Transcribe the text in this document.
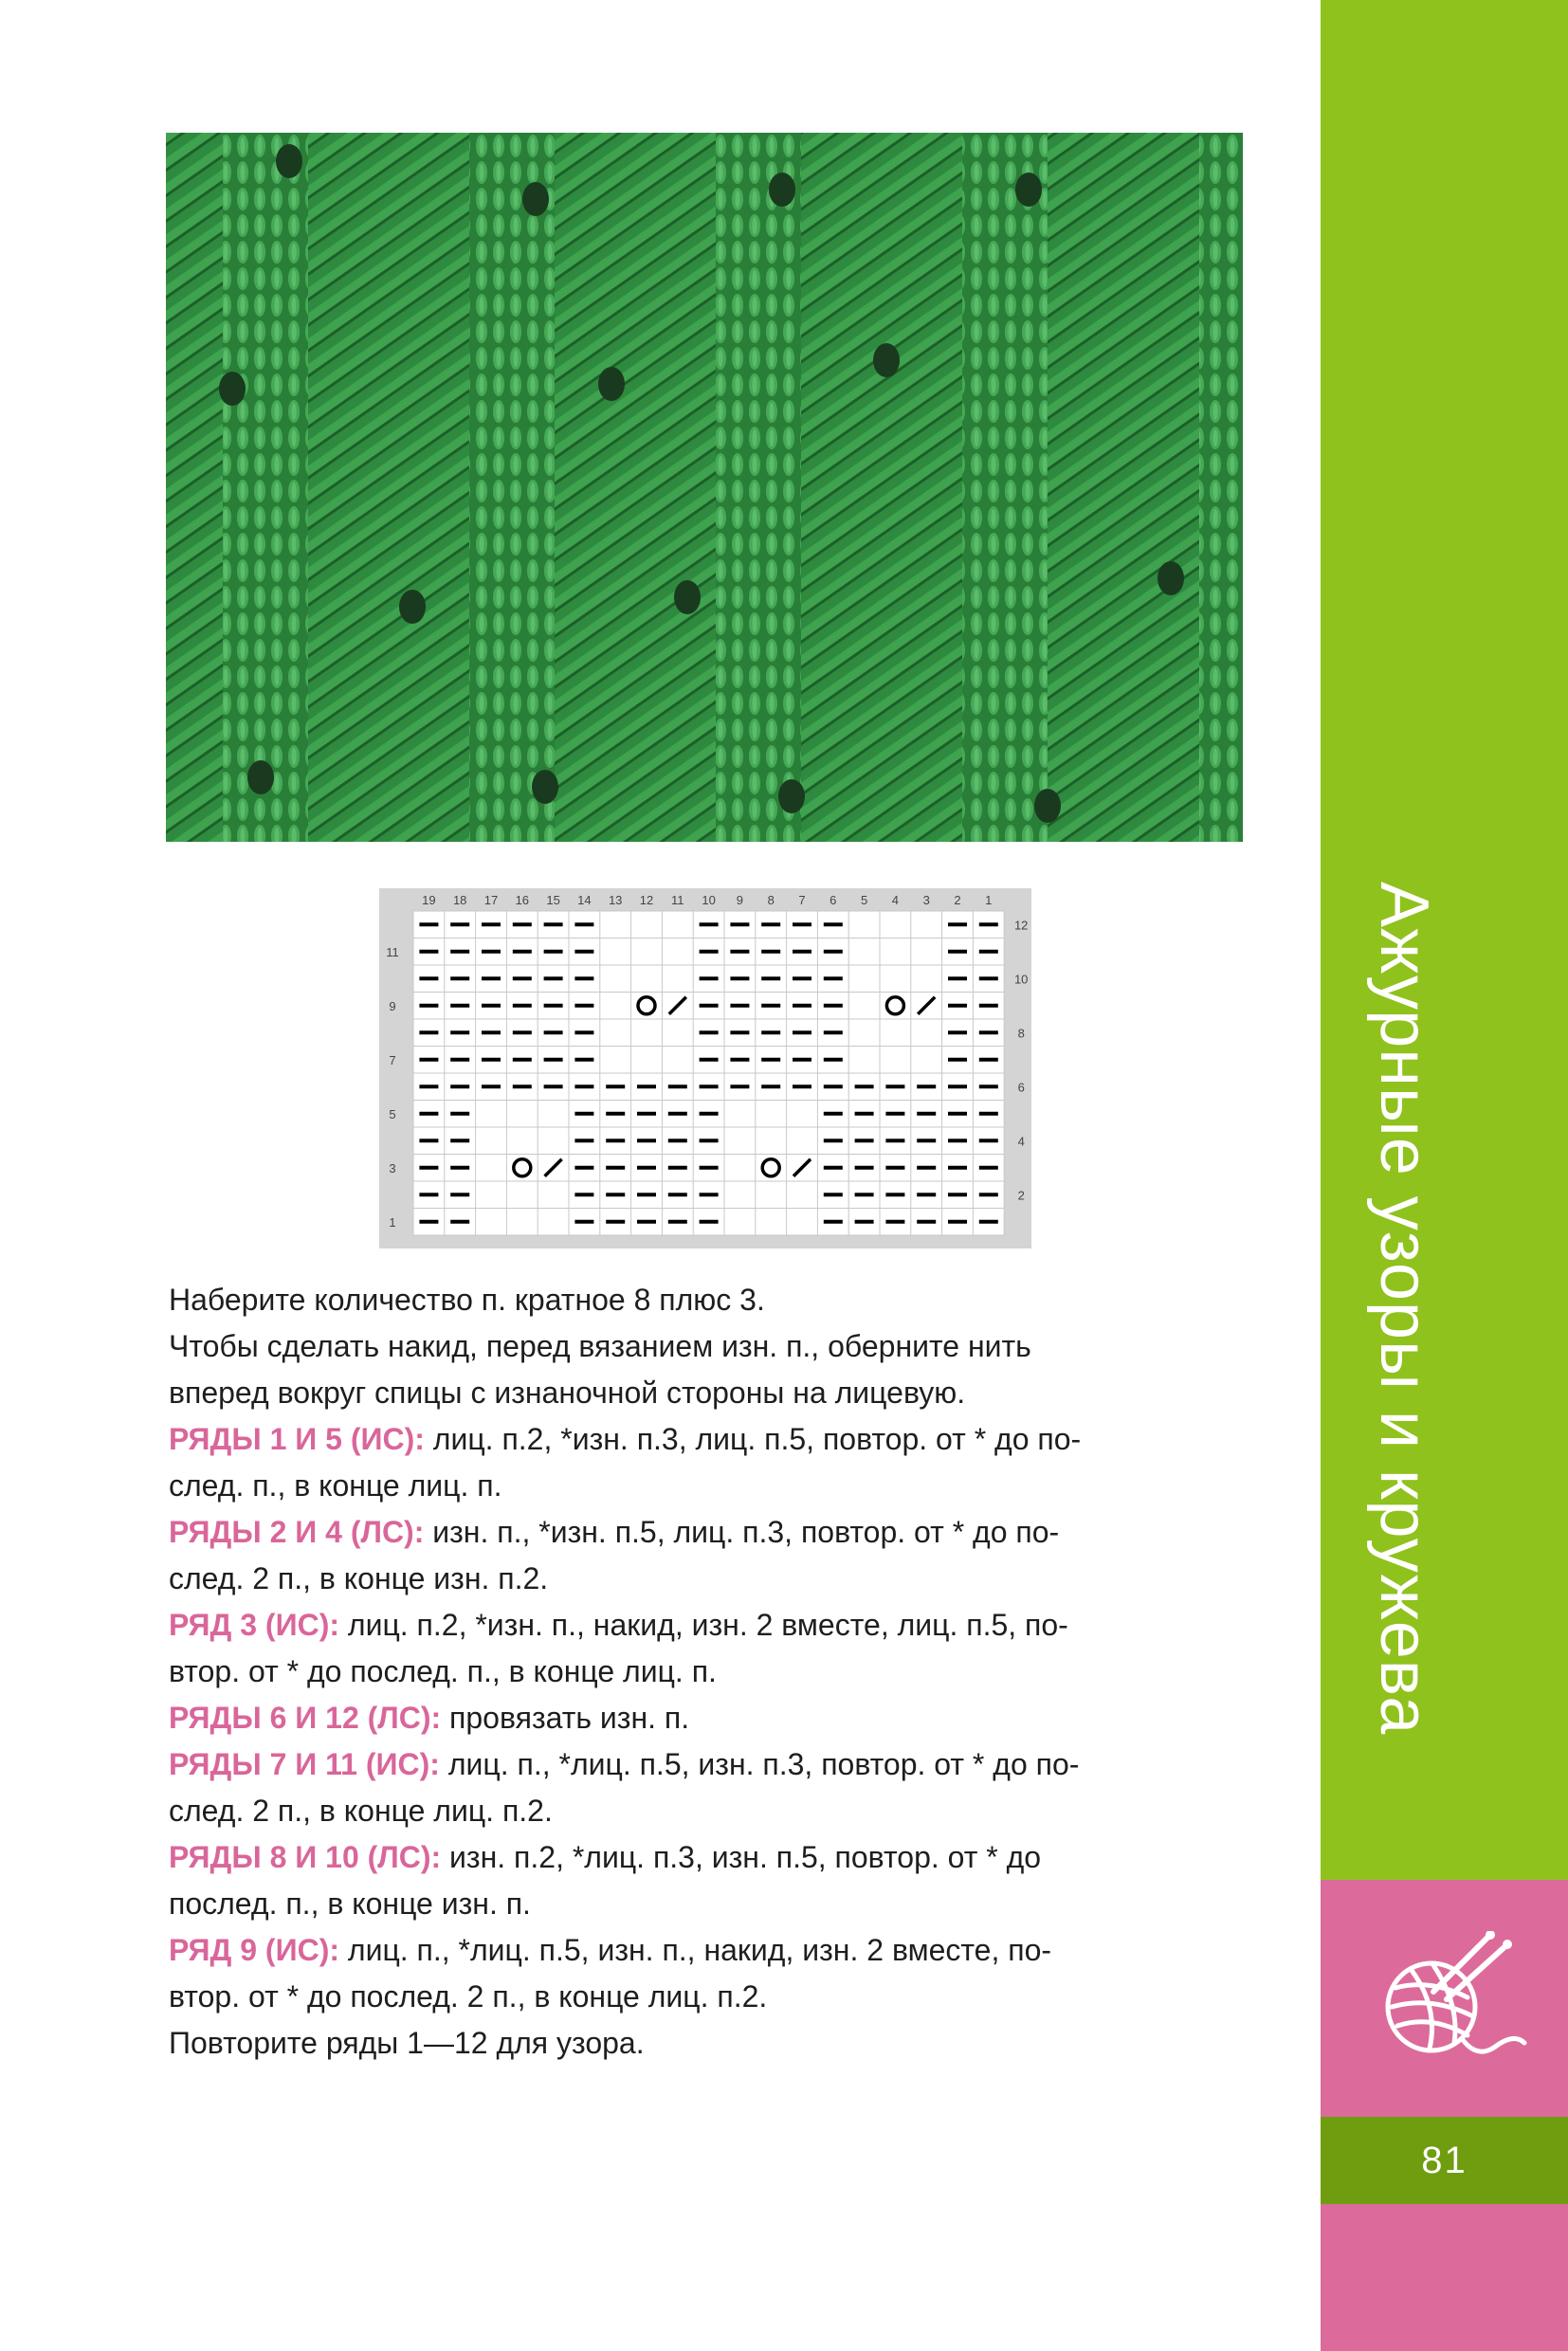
Ажурные узоры и кружева
81
19 18 17 16 15 14 13 12 11 10 9 8 7 6 5 4 3 2 1
11
9
7
5
3
1
12
10
8
6
4
2

Наберите количество п. кратное 8 плюс 3.

Чтобы сделать накид, перед вязанием изн. п., оберните нить

вперед вокруг спицы с изнаночной стороны на лицевую.

РЯДЫ 1 И 5 (ИС): лиц. п.2, *изн. п.3, лиц. п.5, повтор. от * до по-

след. п., в конце лиц. п.

РЯДЫ 2 И 4 (ЛС): изн. п., *изн. п.5, лиц. п.3, повтор. от * до по-

след. 2 п., в конце изн. п.2.

РЯД 3 (ИС): лиц. п.2, *изн. п., накид, изн. 2 вместе, лиц. п.5, по-

втор. от * до послед. п., в конце лиц. п.

РЯДЫ 6 И 12 (ЛС): провязать изн. п.

РЯДЫ 7 И 11 (ИС): лиц. п., *лиц. п.5, изн. п.3, повтор. от * до по-

след. 2 п., в конце лиц. п.2.

РЯДЫ 8 И 10 (ЛС): изн. п.2, *лиц. п.3, изн. п.5, повтор. от * до

послед. п., в конце изн. п.

РЯД 9 (ИС): лиц. п., *лиц. п.5, изн. п., накид, изн. 2 вместе, по-

втор. от * до послед. 2 п., в конце лиц. п.2.

Повторите ряды 1—12 для узора.
